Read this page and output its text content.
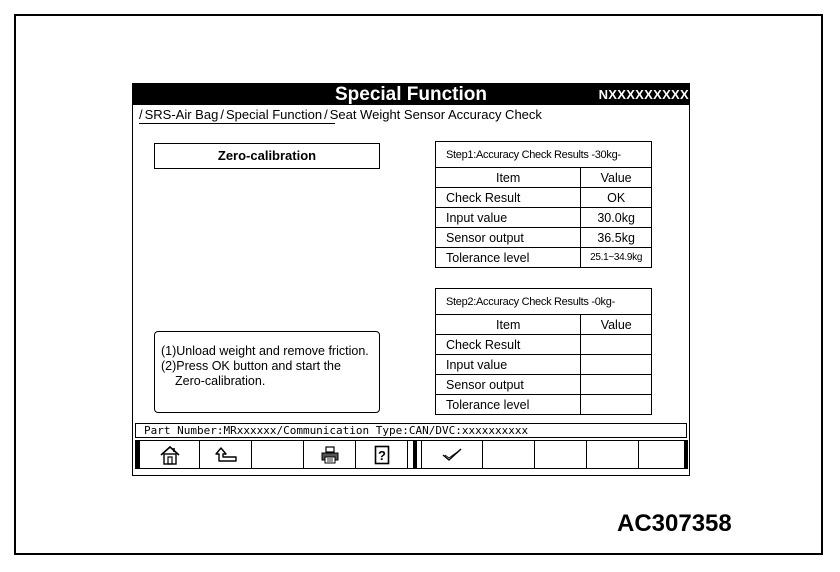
Special Function	NXXXXXXXXX
/ SRS-Air Bag / Special Function / Seat Weight Sensor Accuracy Check
Zero-calibration
(1)Unload weight and remove friction.
(2)Press OK button and start the
Zero-calibration.
Step1:Accuracy Check Results -30kg-	
Item	Value
Check Result	OK
Input value	30.0kg
Sensor output	36.5kg
Tolerance level	25.1~34.9kg
Step2:Accuracy Check Results -0kg-	
Item	Value
Check Result	
Input value	
Sensor output	
Tolerance level	
Part Number:MRxxxxxx/Communication Type:CAN/DVC:xxxxxxxxxx
?
AC307358
